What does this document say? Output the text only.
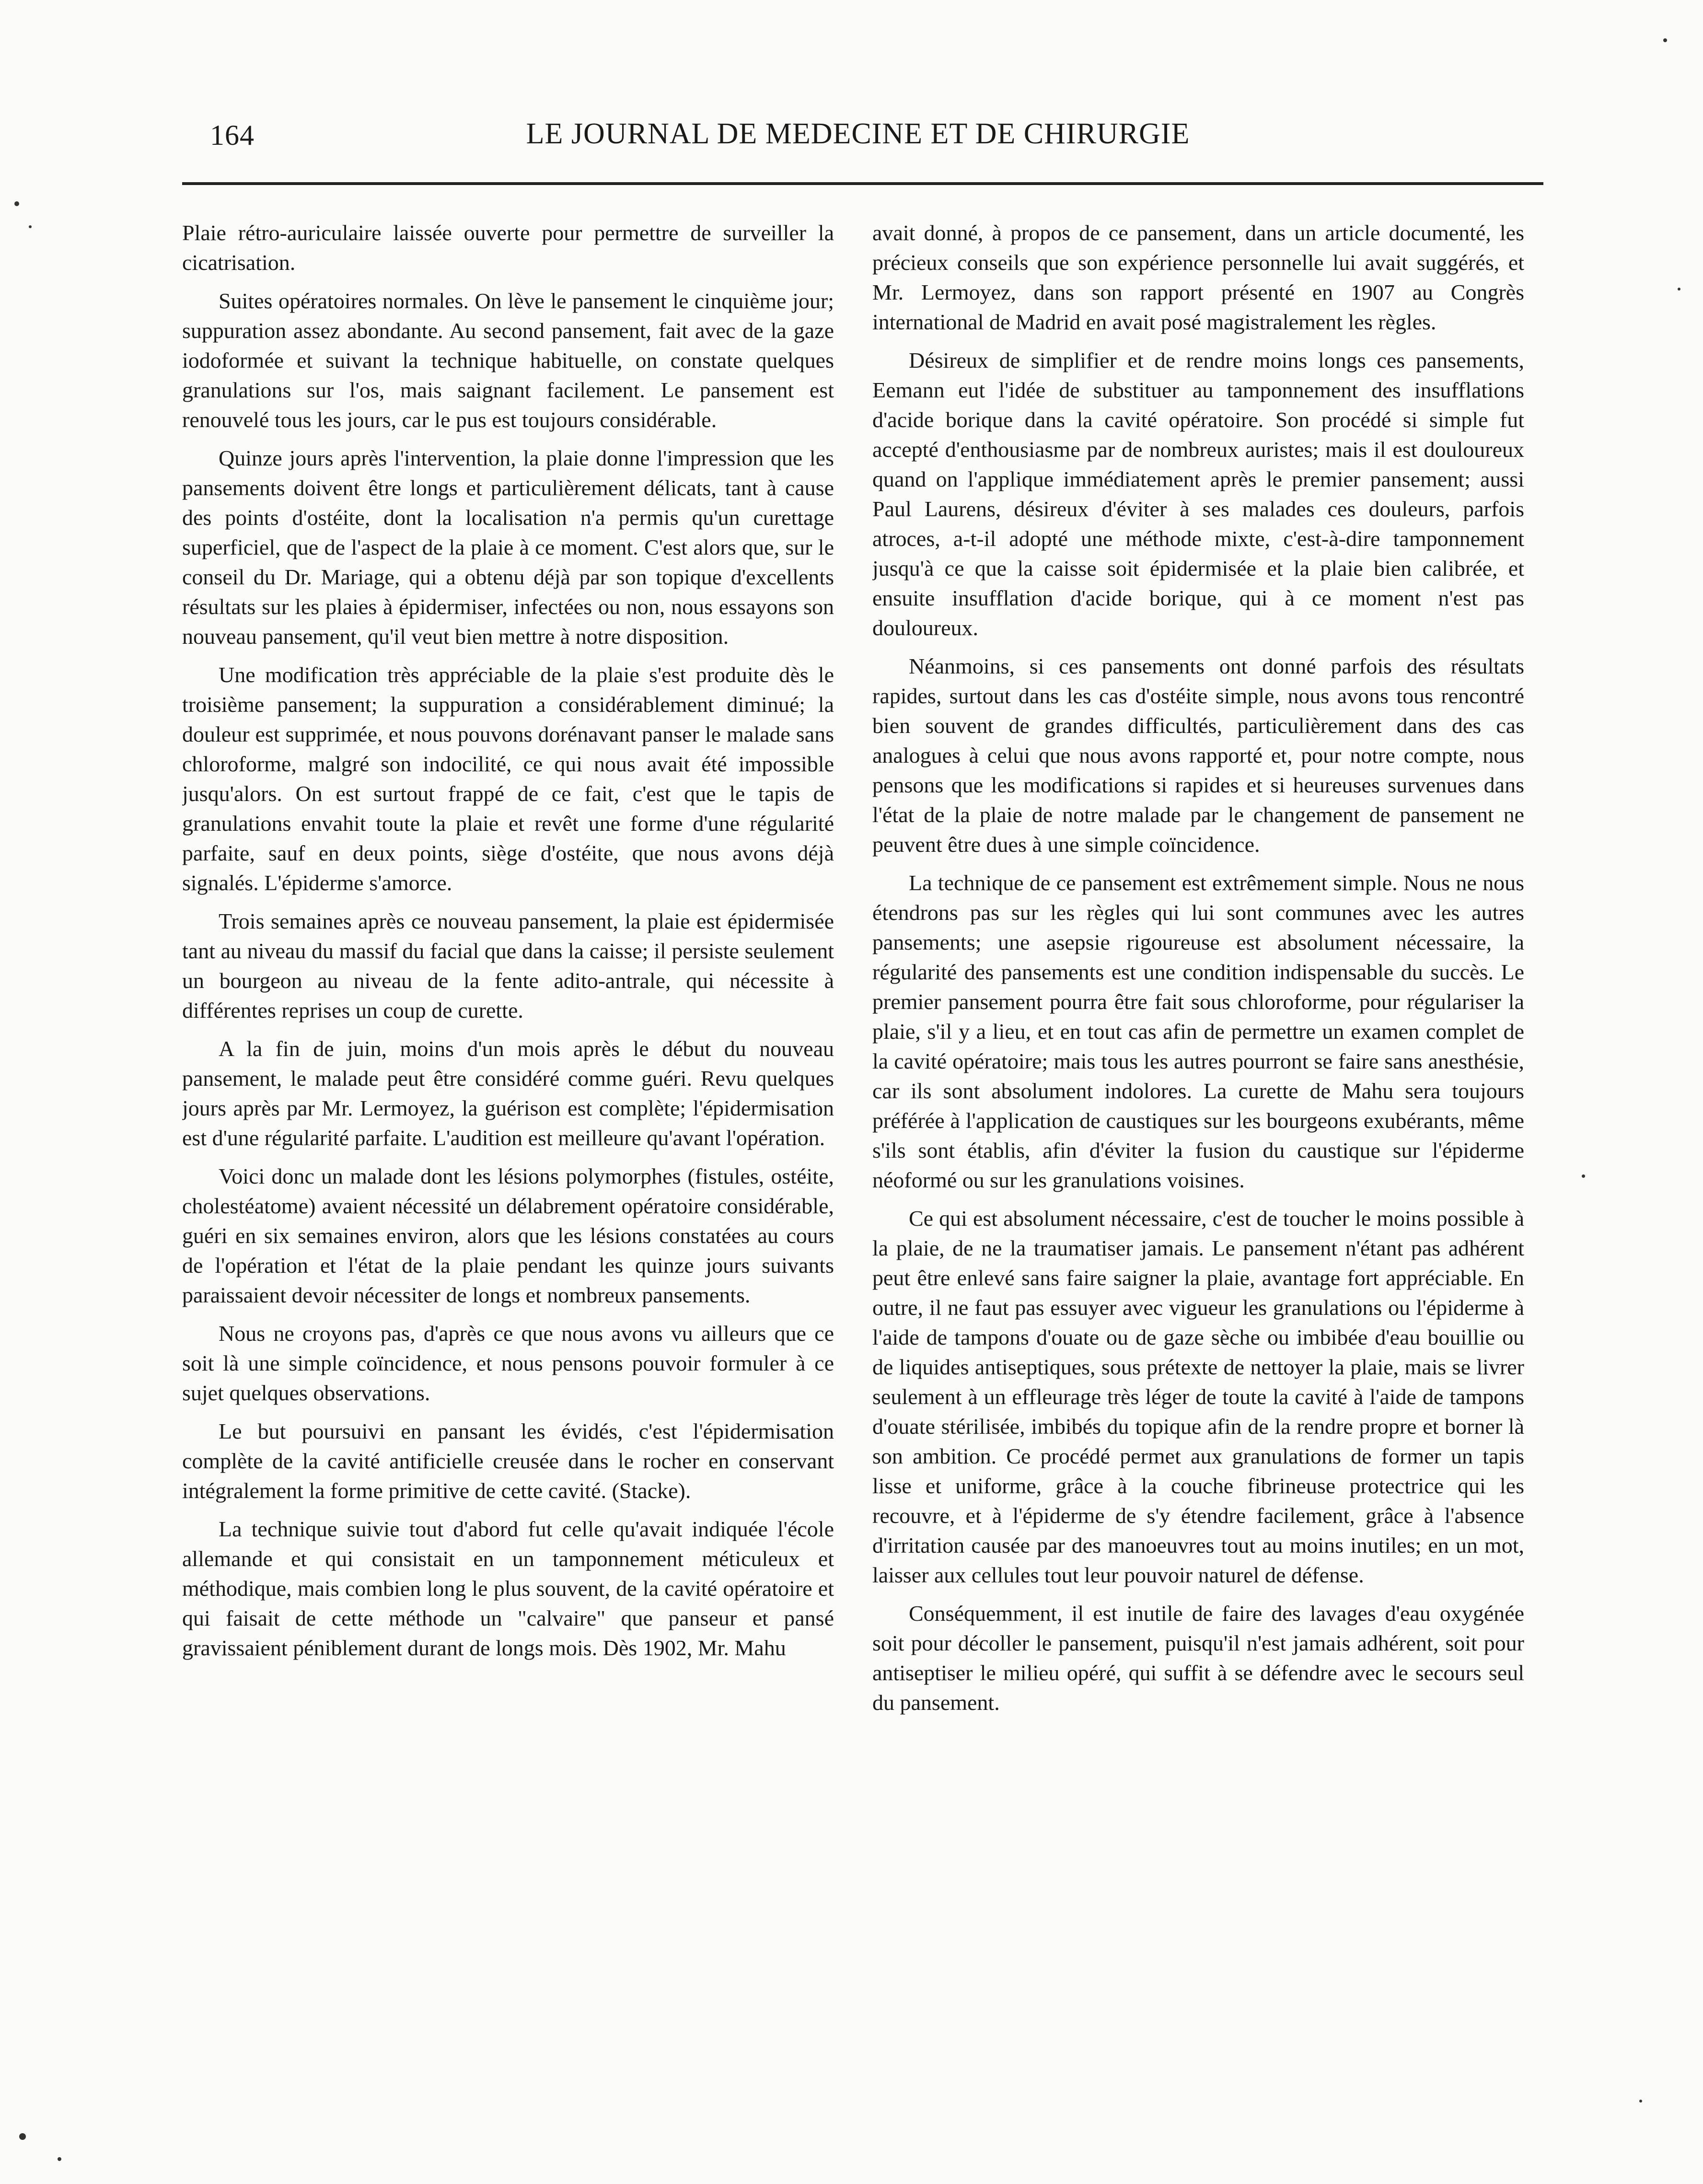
164	LE JOURNAL DE MEDECINE ET DE CHIRURGIE

Plaie rétro-auriculaire laissée ouverte pour permettre de surveiller la cicatrisation.

Suites opératoires normales. On lève le pansement le cinquième jour; suppuration assez abondante. Au second pansement, fait avec de la gaze iodoformée et suivant la technique habituelle, on constate quelques granulations sur l'os, mais saignant facilement. Le pansement est renouvelé tous les jours, car le pus est toujours considérable.

Quinze jours après l'intervention, la plaie donne l'impression que les pansements doivent être longs et particulièrement délicats, tant à cause des points d'ostéite, dont la localisation n'a permis qu'un curettage superficiel, que de l'aspect de la plaie à ce moment. C'est alors que, sur le conseil du Dr. Mariage, qui a obtenu déjà par son topique d'excellents résultats sur les plaies à épidermiser, infectées ou non, nous essayons son nouveau pansement, qu'il veut bien mettre à notre disposition.

Une modification très appréciable de la plaie s'est produite dès le troisième pansement; la suppuration a considérablement diminué; la douleur est supprimée, et nous pouvons dorénavant panser le malade sans chloroforme, malgré son indocilité, ce qui nous avait été impossible jusqu'alors. On est surtout frappé de ce fait, c'est que le tapis de granulations envahit toute la plaie et revêt une forme d'une régularité parfaite, sauf en deux points, siège d'ostéite, que nous avons déjà signalés. L'épiderme s'amorce.

Trois semaines après ce nouveau pansement, la plaie est épidermisée tant au niveau du massif du facial que dans la caisse; il persiste seulement un bourgeon au niveau de la fente adito-antrale, qui nécessite à différentes reprises un coup de curette.

A la fin de juin, moins d'un mois après le début du nouveau pansement, le malade peut être considéré comme guéri. Revu quelques jours après par Mr. Lermoyez, la guérison est complète; l'épidermisation est d'une régularité parfaite. L'audition est meilleure qu'avant l'opération.

Voici donc un malade dont les lésions polymorphes (fistules, ostéite, cholestéatome) avaient nécessité un délabrement opératoire considérable, guéri en six semaines environ, alors que les lésions constatées au cours de l'opération et l'état de la plaie pendant les quinze jours suivants paraissaient devoir nécessiter de longs et nombreux pansements.

Nous ne croyons pas, d'après ce que nous avons vu ailleurs que ce soit là une simple coïncidence, et nous pensons pouvoir formuler à ce sujet quelques observations.

Le but poursuivi en pansant les évidés, c'est l'épidermisation complète de la cavité antificielle creusée dans le rocher en conservant intégralement la forme primitive de cette cavité. (Stacke).

La technique suivie tout d'abord fut celle qu'avait indiquée l'école allemande et qui consistait en un tamponnement méticuleux et méthodique, mais combien long le plus souvent, de la cavité opératoire et qui faisait de cette méthode un "calvaire" que panseur et pansé gravissaient péniblement durant de longs mois. Dès 1902, Mr. Mahu

avait donné, à propos de ce pansement, dans un article documenté, les précieux conseils que son expérience personnelle lui avait suggérés, et Mr. Lermoyez, dans son rapport présenté en 1907 au Congrès international de Madrid en avait posé magistralement les règles.

Désireux de simplifier et de rendre moins longs ces pansements, Eemann eut l'idée de substituer au tamponnement des insufflations d'acide borique dans la cavité opératoire. Son procédé si simple fut accepté d'enthousiasme par de nombreux auristes; mais il est douloureux quand on l'applique immédiatement après le premier pansement; aussi Paul Laurens, désireux d'éviter à ses malades ces douleurs, parfois atroces, a-t-il adopté une méthode mixte, c'est-à-dire tamponnement jusqu'à ce que la caisse soit épidermisée et la plaie bien calibrée, et ensuite insufflation d'acide borique, qui à ce moment n'est pas douloureux.

Néanmoins, si ces pansements ont donné parfois des résultats rapides, surtout dans les cas d'ostéite simple, nous avons tous rencontré bien souvent de grandes difficultés, particulièrement dans des cas analogues à celui que nous avons rapporté et, pour notre compte, nous pensons que les modifications si rapides et si heureuses survenues dans l'état de la plaie de notre malade par le changement de pansement ne peuvent être dues à une simple coïncidence.

La technique de ce pansement est extrêmement simple. Nous ne nous étendrons pas sur les règles qui lui sont communes avec les autres pansements; une asepsie rigoureuse est absolument nécessaire, la régularité des pansements est une condition indispensable du succès. Le premier pansement pourra être fait sous chloroforme, pour régulariser la plaie, s'il y a lieu, et en tout cas afin de permettre un examen complet de la cavité opératoire; mais tous les autres pourront se faire sans anesthésie, car ils sont absolument indolores. La curette de Mahu sera toujours préférée à l'application de caustiques sur les bourgeons exubérants, même s'ils sont établis, afin d'éviter la fusion du caustique sur l'épiderme néoformé ou sur les granulations voisines.

Ce qui est absolument nécessaire, c'est de toucher le moins possible à la plaie, de ne la traumatiser jamais. Le pansement n'étant pas adhérent peut être enlevé sans faire saigner la plaie, avantage fort appréciable. En outre, il ne faut pas essuyer avec vigueur les granulations ou l'épiderme à l'aide de tampons d'ouate ou de gaze sèche ou imbibée d'eau bouillie ou de liquides antiseptiques, sous prétexte de nettoyer la plaie, mais se livrer seulement à un effleurage très léger de toute la cavité à l'aide de tampons d'ouate stérilisée, imbibés du topique afin de la rendre propre et borner là son ambition. Ce procédé permet aux granulations de former un tapis lisse et uniforme, grâce à la couche fibrineuse protectrice qui les recouvre, et à l'épiderme de s'y étendre facilement, grâce à l'absence d'irritation causée par des manoeuvres tout au moins inutiles; en un mot, laisser aux cellules tout leur pouvoir naturel de défense.

Conséquemment, il est inutile de faire des lavages d'eau oxygénée soit pour décoller le pansement, puisqu'il n'est jamais adhérent, soit pour antiseptiser le milieu opéré, qui suffit à se défendre avec le secours seul du pansement.
